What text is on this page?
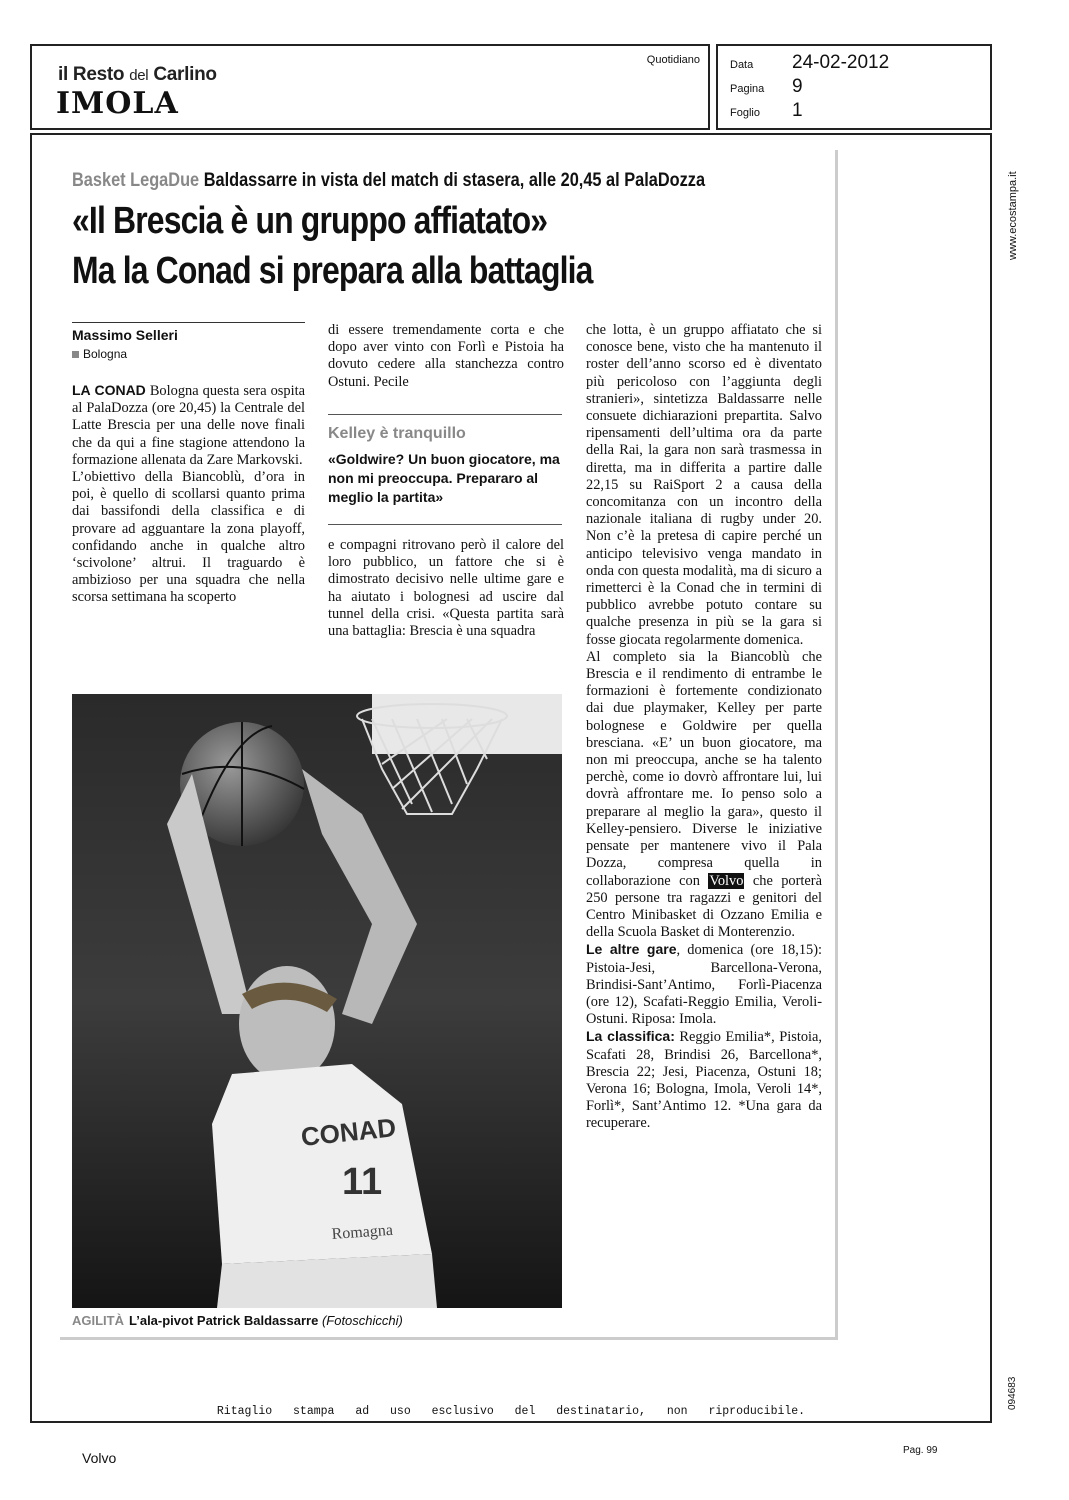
il Resto del Carlino
IMOLA
Quotidiano	Data 24-02-2012
Pagina 9
Foglio 1
www.ecostampa.it
094683
Basket LegaDue Baldassarre in vista del match di stasera, alle 20,45 al PalaDozza
«Il Brescia è un gruppo affiatato»
Ma la Conad si prepara alla battaglia
Massimo Selleri
Bologna

LA CONAD Bologna questa sera ospita al PalaDozza (ore 20,45) la Centrale del Latte Brescia per una delle nove finali che da qui a fine stagione attendono la formazione allenata da Zare Markovski.

L’obiettivo della Biancoblù, d’ora in poi, è quello di scollarsi quanto prima dai bassifondi della classifica e di provare ad agguantare la zona playoff, confidando anche in qualche altro ‘scivolone’ altrui. Il traguardo è ambizioso per una squadra che nella scorsa settimana ha scoperto

di essere tremendamente corta e che dopo aver vinto con Forlì e Pistoia ha dovuto cedere alla stanchezza contro Ostuni. Pecile

Kelley è tranquillo
«Goldwire? Un buon giocatore, ma non mi preoccupa. Prepararo al meglio la partita»

e compagni ritrovano però il calore del loro pubblico, un fattore che si è dimostrato decisivo nelle ultime gare e ha aiutato i bolognesi ad uscire dal tunnel della crisi. «Questa partita sarà una battaglia: Brescia è una squadra

che lotta, è un gruppo affiatato che si conosce bene, visto che ha mantenuto il roster dell’anno scorso ed è diventato più pericoloso con l’aggiunta degli stranieri», sintetizza Baldassarre nelle consuete dichiarazioni prepartita. Salvo ripensamenti dell’ultima ora da parte della Rai, la gara non sarà trasmessa in diretta, ma in differita a partire dalle 22,15 su RaiSport 2 a causa della concomitanza con un incontro della nazionale italiana di rugby under 20. Non c’è la pretesa di capire perché un anticipo televisivo venga mandato in onda con questa modalità, ma di sicuro a rimetterci è la Conad che in termini di pubblico avrebbe potuto contare su qualche presenza in più se la gara si fosse giocata regolarmente domenica.

Al completo sia la Biancoblù che Brescia e il rendimento di entrambe le formazioni è fortemente condizionato dai due playmaker, Kelley per parte bolognese e Goldwire per quella bresciana. «E’ un buon giocatore, ma non mi preoccupa, anche se ha talento perchè, come io dovrò affrontare lui, lui dovrà affrontare me. Io penso solo a preparare al meglio la gara», questo il Kelley-pensiero. Diverse le iniziative pensate per mantenere vivo il Pala Dozza, compresa quella in collaborazione con Volvo che porterà 250 persone tra ragazzi e genitori del Centro Minibasket di Ozzano Emilia e della Scuola Basket di Monterenzio.

Le altre gare, domenica (ore 18,15): Pistoia-Jesi, Barcellona-Verona, Brindisi-Sant’Antimo, Forlì-Piacenza (ore 12), Scafati-Reggio Emilia, Veroli-Ostuni. Riposa: Imola.

La classifica: Reggio Emilia*, Pistoia, Scafati 28, Brindisi 26, Barcellona*, Brescia 22; Jesi, Piacenza, Ostuni 18; Verona 16; Bologna, Imola, Veroli 14*, Forlì*, Sant’Antimo 12. *Una gara da recuperare.

CONAD
11
Romagna
AGILITÀ L’ala-pivot Patrick Baldassarre (Fotoschicchi)
Ritaglio stampa ad uso esclusivo del destinatario, non riproducibile.
Volvo	Pag. 99
